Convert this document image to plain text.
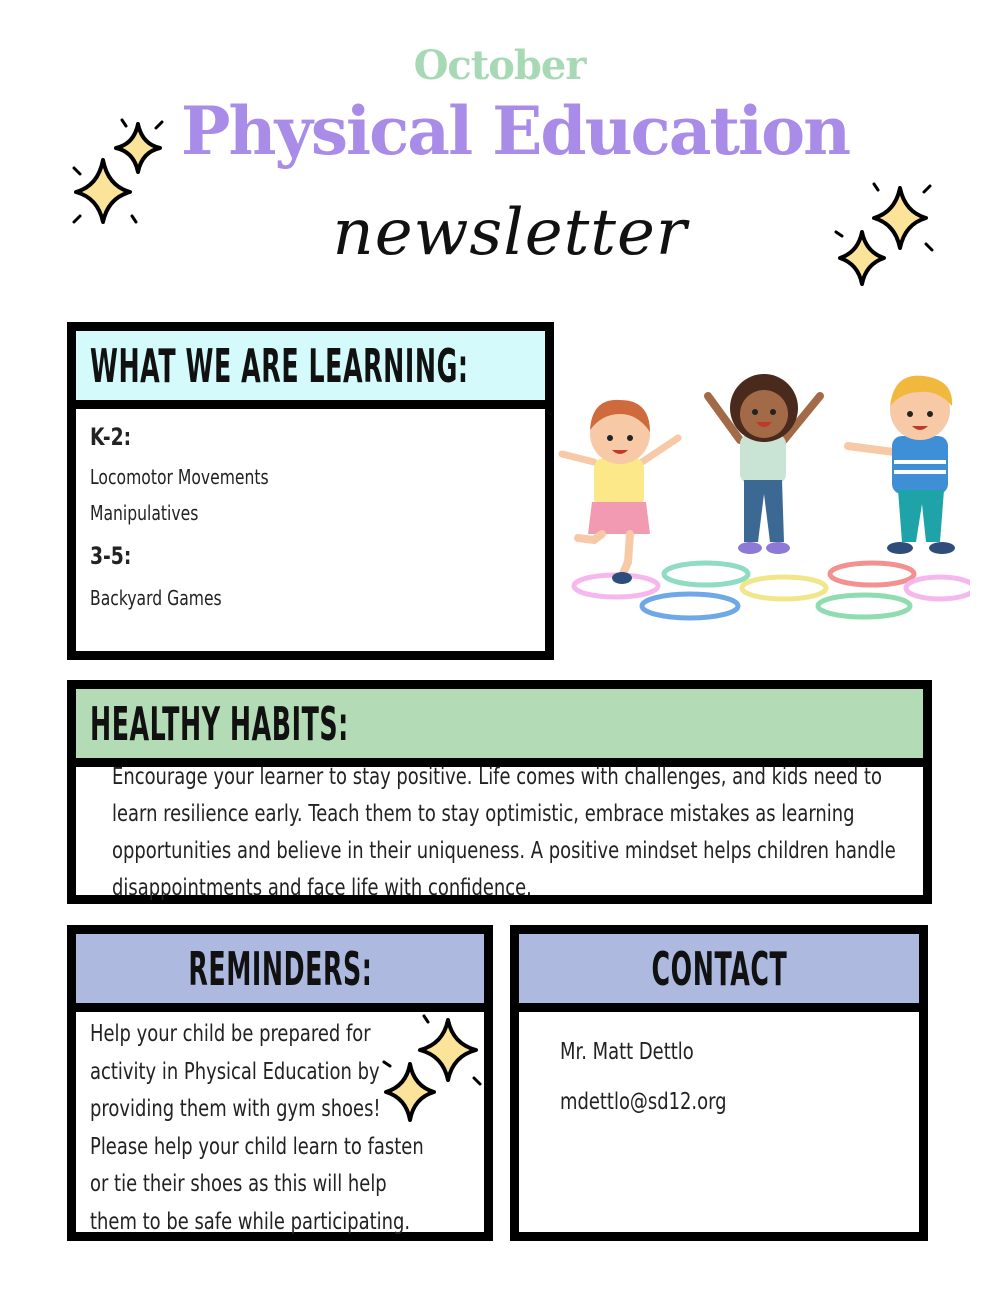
October
Physical Education
newsletter
WHAT WE ARE LEARNING:
K-2:
Locomotor Movements
Manipulatives
3-5:
Backyard Games
HEALTHY HABITS:
Encourage your learner to stay positive. Life comes with challenges, and kids need to
learn resilience early. Teach them to stay optimistic, embrace mistakes as learning
opportunities and believe in their uniqueness. A positive mindset helps children handle
disappointments and face life with confidence.
REMINDERS:
Help your child be prepared for
activity in Physical Education by
providing them with gym shoes!
Please help your child learn to fasten
or tie their shoes as this will help
them to be safe while participating.
CONTACT
Mr. Matt Dettlo
mdettlo@sd12.org
